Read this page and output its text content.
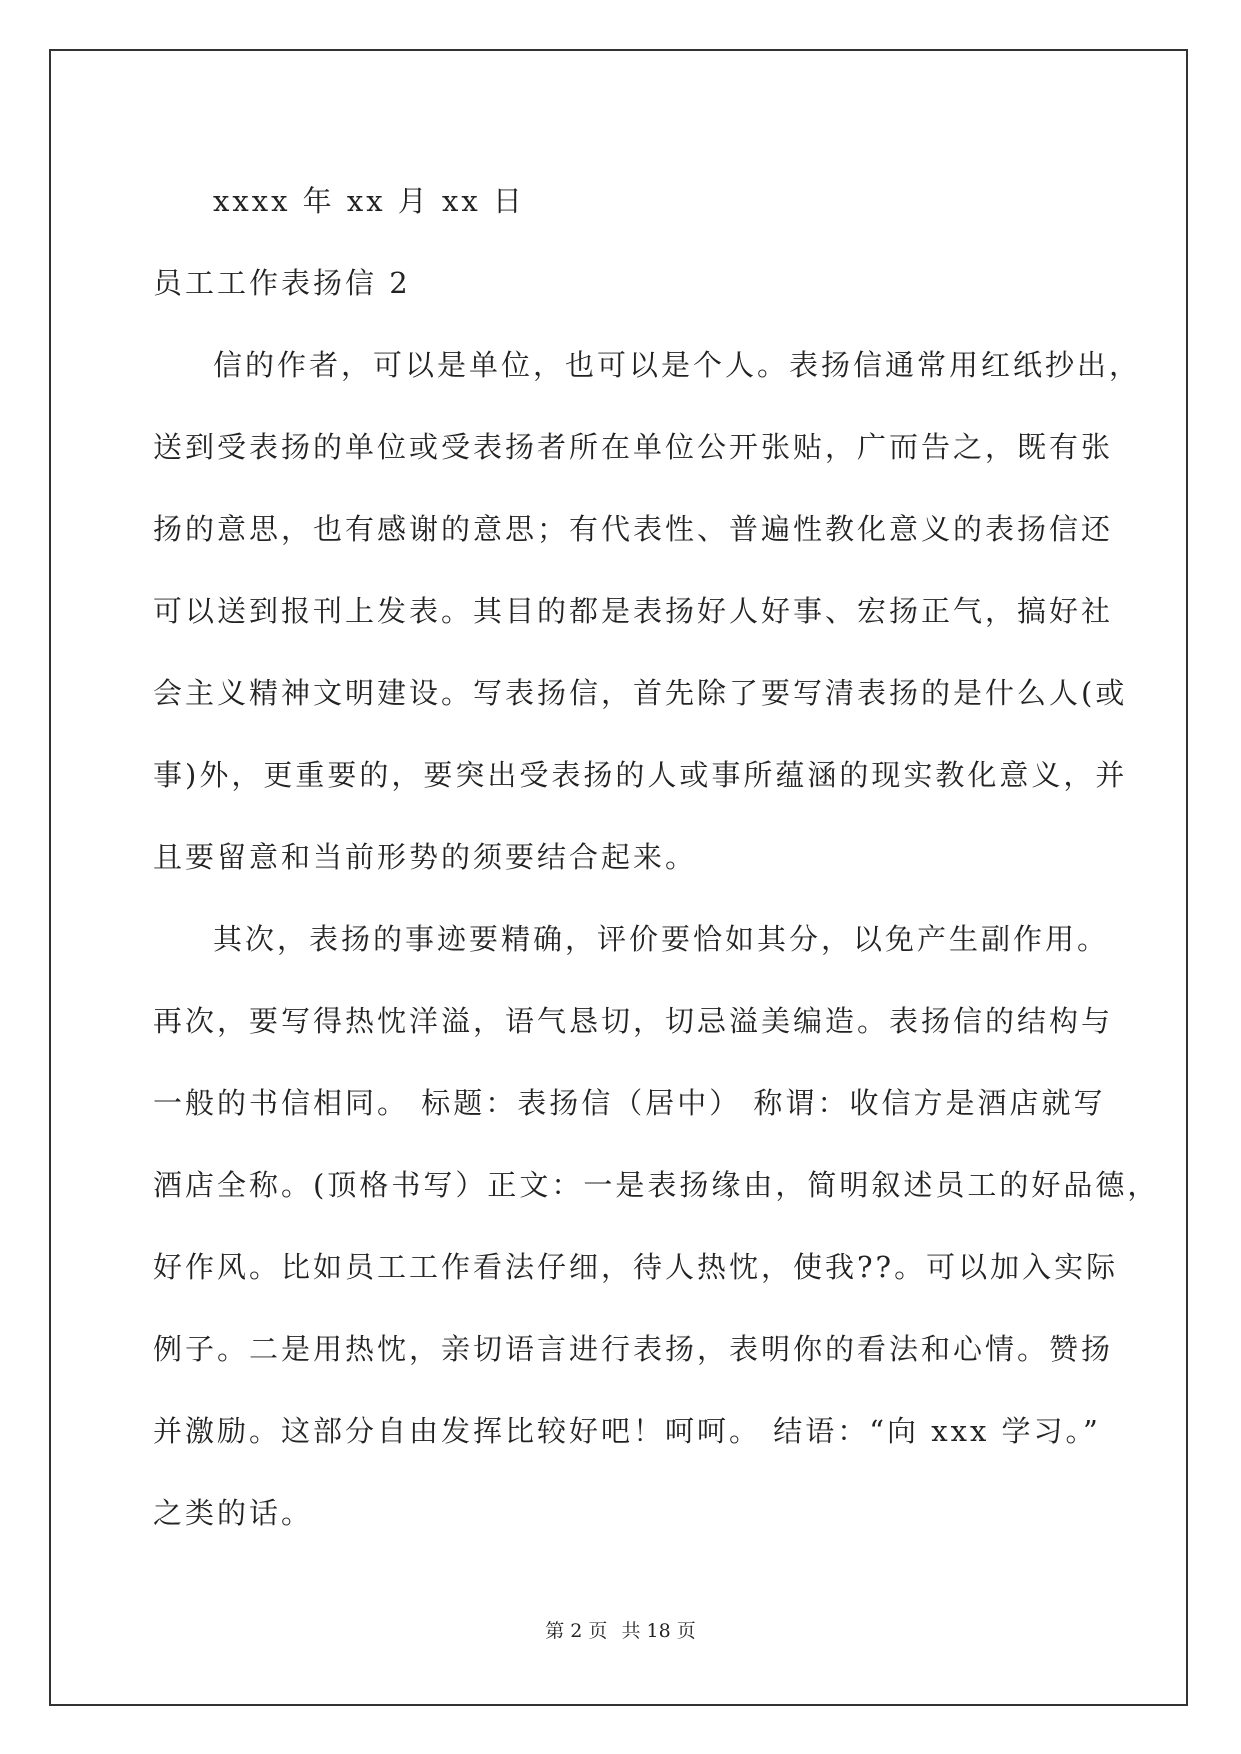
xxxx 年 xx 月 xx 日
员工工作表扬信 2
信的作者，可以是单位，也可以是个人。表扬信通常用红纸抄出，
送到受表扬的单位或受表扬者所在单位公开张贴，广而告之，既有张
扬的意思，也有感谢的意思；有代表性、普遍性教化意义的表扬信还
可以送到报刊上发表。其目的都是表扬好人好事、宏扬正气，搞好社
会主义精神文明建设。写表扬信，首先除了要写清表扬的是什么人(或
事)外，更重要的，要突出受表扬的人或事所蕴涵的现实教化意义，并
且要留意和当前形势的须要结合起来。
其次，表扬的事迹要精确，评价要恰如其分，以免产生副作用。
再次，要写得热忱洋溢，语气恳切，切忌溢美编造。表扬信的结构与
一般的书信相同。 标题：表扬信（居中） 称谓：收信方是酒店就写
酒店全称。(顶格书写）正文：一是表扬缘由，简明叙述员工的好品德，
好作风。比如员工工作看法仔细，待人热忱，使我??。可以加入实际
例子。二是用热忱，亲切语言进行表扬，表明你的看法和心情。赞扬
并激励。这部分自由发挥比较好吧！呵呵。 结语：“向 xxx 学习。”
之类的话。
第 2 页 共 18 页
